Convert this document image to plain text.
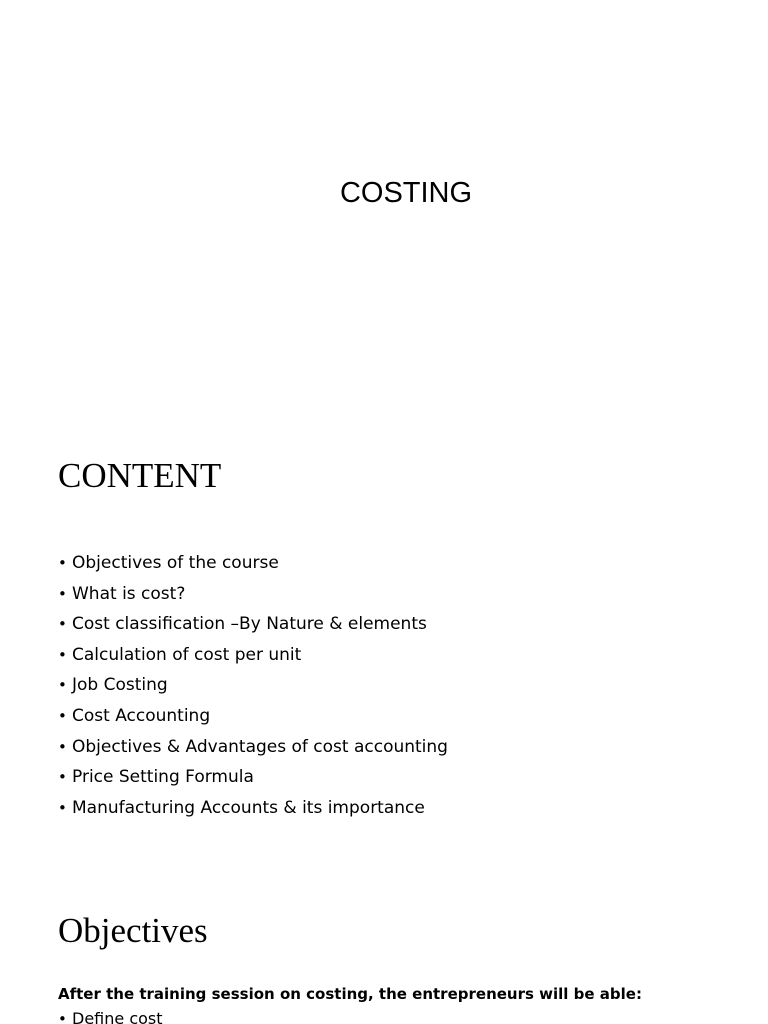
COSTING
CONTENT
• Objectives of the course
• What is cost?
• Cost classification –By Nature & elements
• Calculation of cost per unit
• Job Costing
• Cost Accounting
• Objectives & Advantages of cost accounting
• Price Setting Formula
• Manufacturing Accounts & its importance
Objectives
After the training session on costing, the entrepreneurs will be able:
• Define cost
